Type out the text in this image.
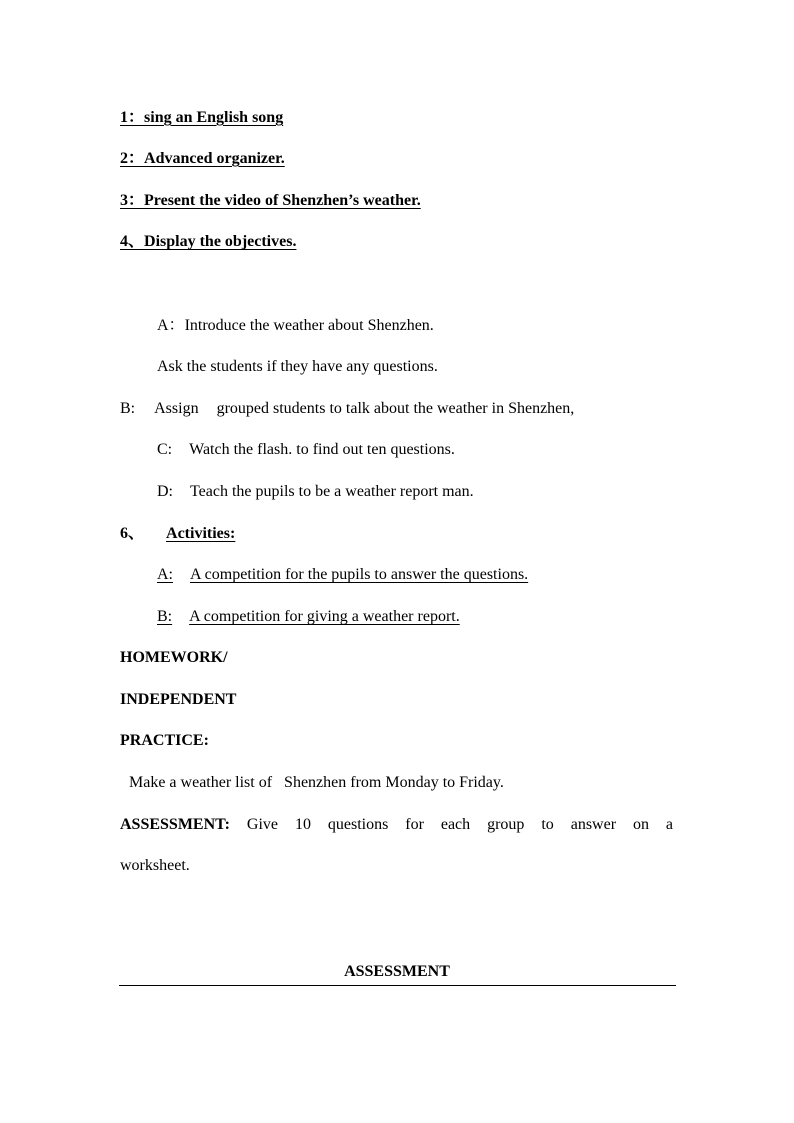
1：sing an English song
2：Advanced organizer.
3：Present the video of Shenzhen’s weather.
4、Display the objectives.
A：Introduce the weather about Shenzhen.
Ask the students if they have any questions.
B: Assign grouped students to talk about the weather in Shenzhen,
C: Watch the flash. to find out ten questions.
D: Teach the pupils to be a weather report man.
6、 Activities:
A: A competition for the pupils to answer the questions.
B: A competition for giving a weather report.
HOMEWORK/
INDEPENDENT
PRACTICE:
Make a weather list of   Shenzhen from Monday to Friday.
ASSESSMENT: Give 10 questions for each group to answer on a
worksheet.
ASSESSMENT
